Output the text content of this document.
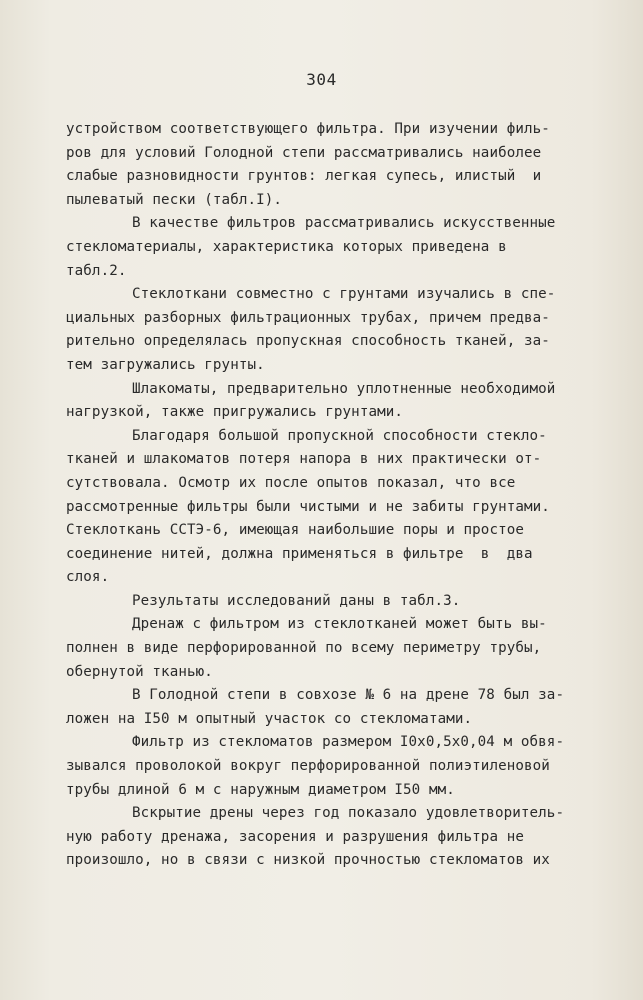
304
устройством соответствующего фильтра. При изучении филь-
ров для условий Голодной степи рассматривались наиболее
слабые разновидности грунтов: легкая супесь, илистый  и
пылеватый пески (табл.I).
В качестве фильтров рассматривались искусственные
стекломатериалы, характеристика которых приведена в
табл.2.
Стеклоткани совместно с грунтами изучались в спе-
циальных разборных фильтрационных трубах, причем предва-
рительно определялась пропускная способность тканей, за-
тем загружались грунты.
Шлакоматы, предварительно уплотненные необходимой
нагрузкой, также пригружались грунтами.
Благодаря большой пропускной способности стекло-
тканей и шлакоматов потеря напора в них практически от-
сутствовала. Осмотр их после опытов показал, что все
рассмотренные фильтры были чистыми и не забиты грунтами.
Стеклоткань ССТЭ-6, имеющая наибольшие поры и простое
соединение нитей, должна применяться в фильтре  в  два
слоя.
Результаты исследований даны в табл.3.
Дренаж с фильтром из стеклотканей может быть вы-
полнен в виде перфорированной по всему периметру трубы,
обернутой тканью.
В Голодной степи в совхозе № 6 на дрене 78 был за-
ложен на I50 м опытный участок со стекломатами.
Фильтр из стекломатов размером I0х0,5х0,04 м обвя-
зывался проволокой вокруг перфорированной полиэтиленовой
трубы длиной 6 м с наружным диаметром I50 мм.
Вскрытие дрены через год показало удовлетворитель-
ную работу дренажа, засорения и разрушения фильтра не
произошло, но в связи с низкой прочностью стекломатов их
